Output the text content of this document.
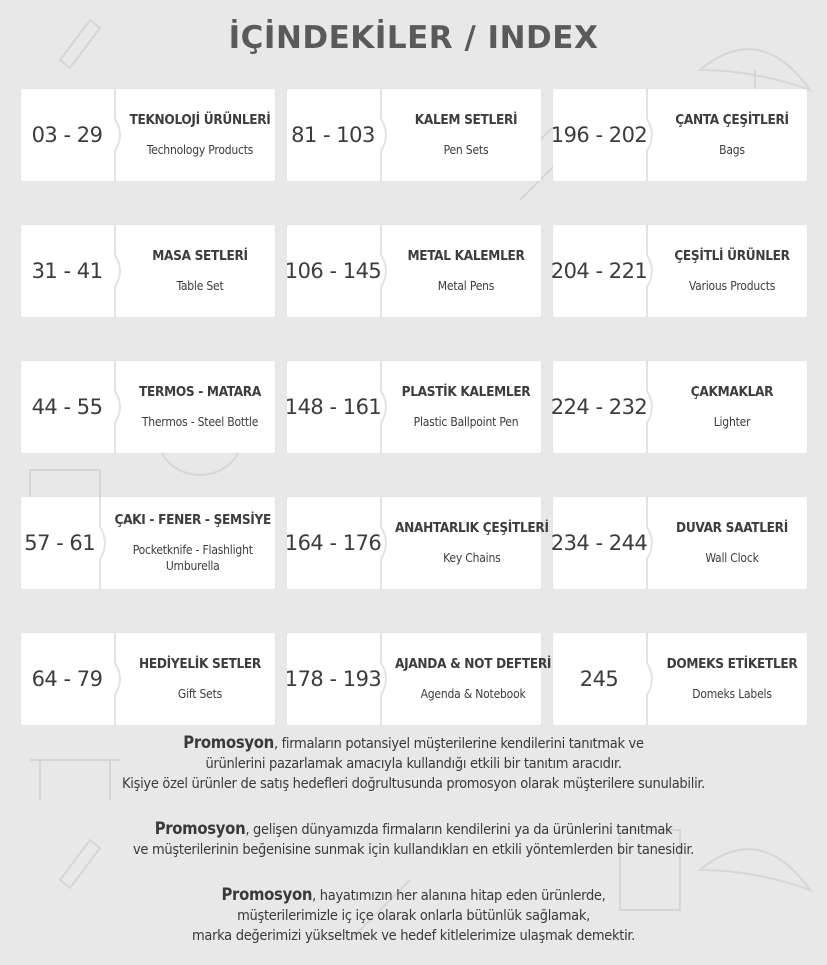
İÇİNDEKİLER / INDEX
03 - 29
TEKNOLOJİ ÜRÜNLERİ
Technology Products
81 - 103
KALEM SETLERİ
Pen Sets
196 - 202
ÇANTA ÇEŞİTLERİ
Bags
31 - 41
MASA SETLERİ
Table Set
106 - 145
METAL KALEMLER
Metal Pens
204 - 221
ÇEŞİTLİ ÜRÜNLER
Various Products
44 - 55
TERMOS - MATARA
Thermos - Steel Bottle
148 - 161
PLASTİK KALEMLER
Plastic Ballpoint Pen
224 - 232
ÇAKMAKLAR
Lighter
57 - 61
ÇAKI - FENER - ŞEMSİYE
Pocketknife - Flashlight Umburella
164 - 176
ANAHTARLIK ÇEŞİTLERİ
Key Chains
234 - 244
DUVAR SAATLERİ
Wall Clock
64 - 79
HEDİYELİK SETLER
Gift Sets
178 - 193
AJANDA & NOT DEFTERİ
Agenda & Notebook
245
DOMEKS ETİKETLER
Domeks Labels
Promosyon, firmaların potansiyel müşterilerine kendilerini tanıtmak ve
ürünlerini pazarlamak amacıyla kullandığı etkili bir tanıtım aracıdır.
Kişiye özel ürünler de satış hedefleri doğrultusunda promosyon olarak müşterilere sunulabilir.
Promosyon, gelişen dünyamızda firmaların kendilerini ya da ürünlerini tanıtmak
ve müşterilerinin beğenisine sunmak için kullandıkları en etkili yöntemlerden bir tanesidir.
Promosyon, hayatımızın her alanına hitap eden ürünlerde,
müşterilerimizle iç içe olarak onlarla bütünlük sağlamak,
marka değerimizi yükseltmek ve hedef kitlelerimize ulaşmak demektir.
